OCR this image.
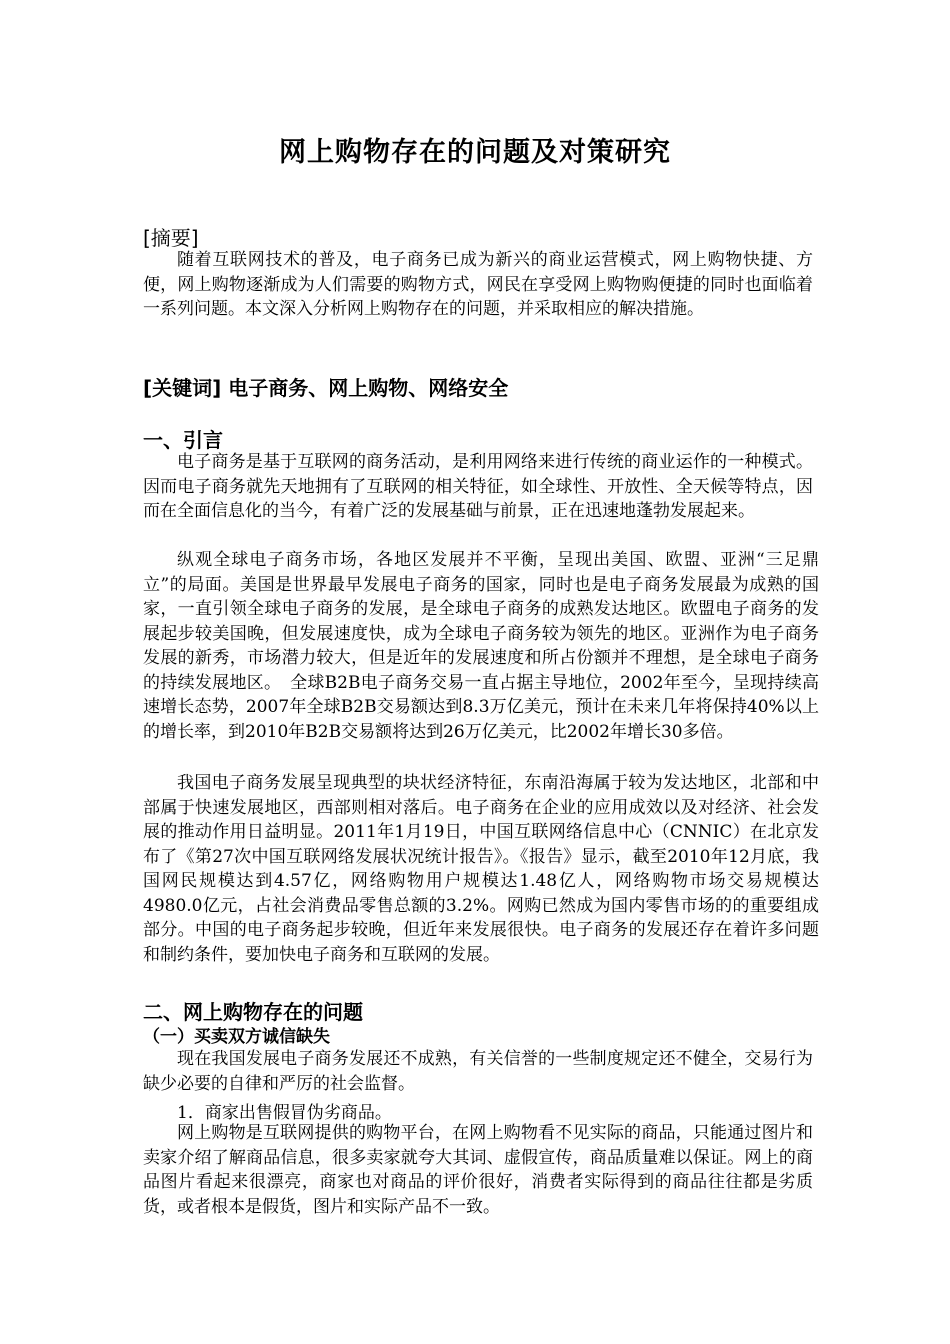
网上购物存在的问题及对策研究
[摘要]

随着互联网技术的普及，电子商务已成为新兴的商业运营模式，网上购物快捷、方便，网上购物逐渐成为人们需要的购物方式，网民在享受网上购物购便捷的同时也面临着一系列问题。本文深入分析网上购物存在的问题，并采取相应的解决措施。

[关键词] 电子商务、网上购物、网络安全
一、引言

电子商务是基于互联网的商务活动，是利用网络来进行传统的商业运作的一种模式。因而电子商务就先天地拥有了互联网的相关特征，如全球性、开放性、全天候等特点，因而在全面信息化的当今，有着广泛的发展基础与前景，正在迅速地蓬勃发展起来。

纵观全球电子商务市场，各地区发展并不平衡，呈现出美国、欧盟、亚洲“三足鼎立”的局面。美国是世界最早发展电子商务的国家，同时也是电子商务发展最为成熟的国家，一直引领全球电子商务的发展，是全球电子商务的成熟发达地区。欧盟电子商务的发展起步较美国晚，但发展速度快，成为全球电子商务较为领先的地区。亚洲作为电子商务发展的新秀，市场潜力较大，但是近年的发展速度和所占份额并不理想，是全球电子商务的持续发展地区。　全球B2B电子商务交易一直占据主导地位，2002年至今，呈现持续高速增长态势，2007年全球B2B交易额达到8.3万亿美元，预计在未来几年将保持40%以上的增长率，到2010年B2B交易额将达到26万亿美元，比2002年增长30多倍。

我国电子商务发展呈现典型的块状经济特征，东南沿海属于较为发达地区，北部和中部属于快速发展地区，西部则相对落后。电子商务在企业的应用成效以及对经济、社会发展的推动作用日益明显。2011年1月19日，中国互联网络信息中心（CNNIC）在北京发布了《第27次中国互联网络发展状况统计报告》。《报告》显示，截至2010年12月底，我国网民规模达到4.57亿，网络购物用户规模达1.48亿人，网络购物市场交易规模达4980.0亿元，占社会消费品零售总额的3.2%。网购已然成为国内零售市场的的重要组成部分。中国的电子商务起步较晚，但近年来发展很快。电子商务的发展还存在着许多问题和制约条件，要加快电子商务和互联网的发展。

二、网上购物存在的问题
（一）买卖双方诚信缺失

现在我国发展电子商务发展还不成熟，有关信誉的一些制度规定还不健全，交易行为缺少必要的自律和严厉的社会监督。

1．商家出售假冒伪劣商品。

网上购物是互联网提供的购物平台，在网上购物看不见实际的商品，只能通过图片和卖家介绍了解商品信息，很多卖家就夸大其词、虚假宣传，商品质量难以保证。网上的商品图片看起来很漂亮，商家也对商品的评价很好，消费者实际得到的商品往往都是劣质货，或者根本是假货，图片和实际产品不一致。
